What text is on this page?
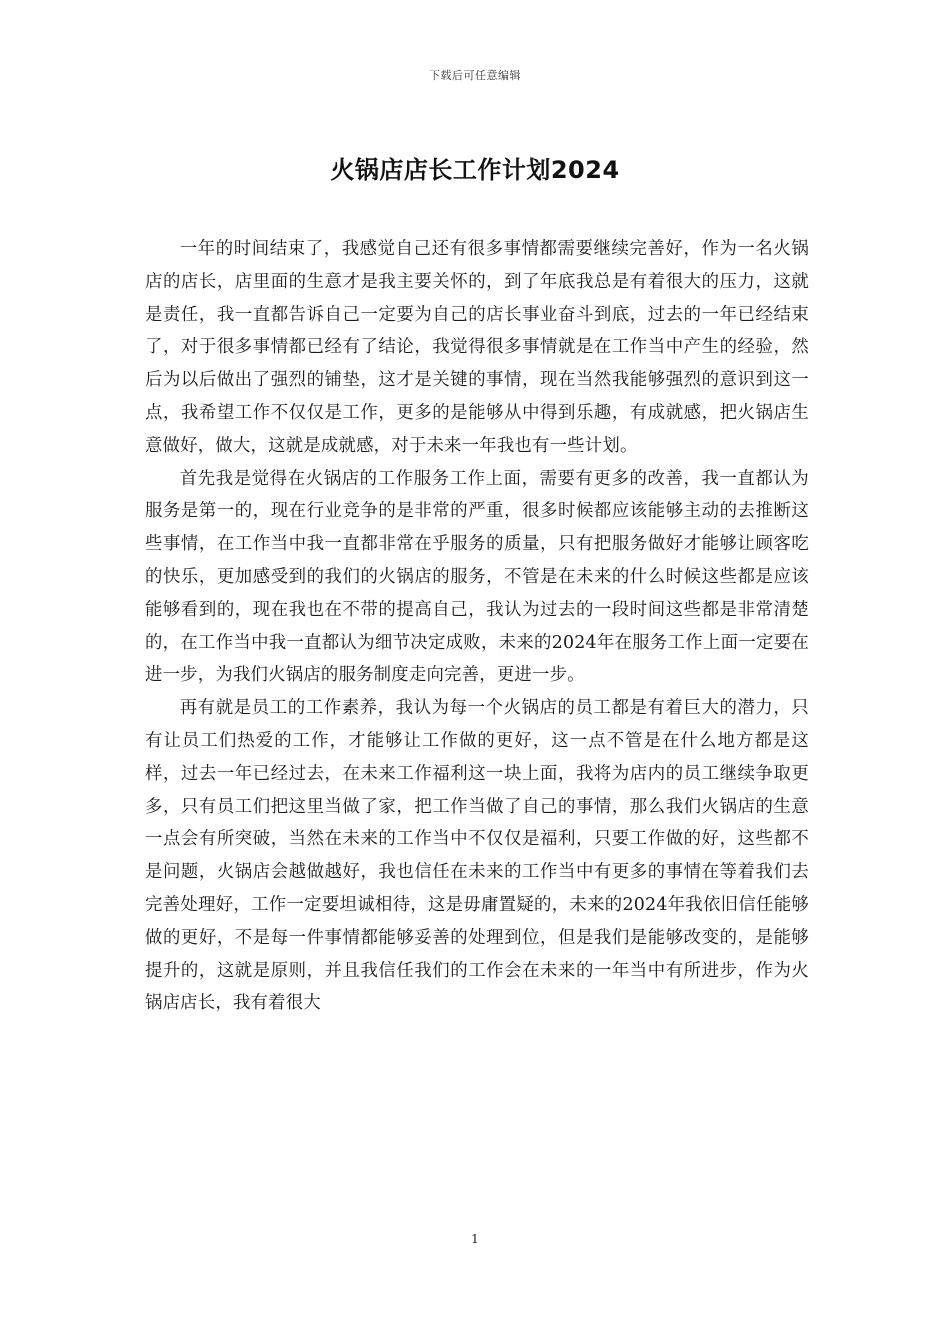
下载后可任意编辑
火锅店店长工作计划2024

一年的时间结束了，我感觉自己还有很多事情都需要继续完善好，作为一名火锅店的店长，店里面的生意才是我主要关怀的，到了年底我总是有着很大的压力，这就是责任，我一直都告诉自己一定要为自己的店长事业奋斗到底，过去的一年已经结束了，对于很多事情都已经有了结论，我觉得很多事情就是在工作当中产生的经验，然后为以后做出了强烈的铺垫，这才是关键的事情，现在当然我能够强烈的意识到这一点，我希望工作不仅仅是工作，更多的是能够从中得到乐趣，有成就感，把火锅店生意做好，做大，这就是成就感，对于未来一年我也有一些计划。

首先我是觉得在火锅店的工作服务工作上面，需要有更多的改善，我一直都认为服务是第一的，现在行业竞争的是非常的严重，很多时候都应该能够主动的去推断这些事情，在工作当中我一直都非常在乎服务的质量，只有把服务做好才能够让顾客吃的快乐，更加感受到的我们的火锅店的服务，不管是在未来的什么时候这些都是应该能够看到的，现在我也在不带的提高自己，我认为过去的一段时间这些都是非常清楚的，在工作当中我一直都认为细节决定成败，未来的2024年在服务工作上面一定要在进一步，为我们火锅店的服务制度走向完善，更进一步。

再有就是员工的工作素养，我认为每一个火锅店的员工都是有着巨大的潜力，只有让员工们热爱的工作，才能够让工作做的更好，这一点不管是在什么地方都是这样，过去一年已经过去，在未来工作福利这一块上面，我将为店内的员工继续争取更多，只有员工们把这里当做了家，把工作当做了自己的事情，那么我们火锅店的生意一点会有所突破，当然在未来的工作当中不仅仅是福利，只要工作做的好，这些都不是问题，火锅店会越做越好，我也信任在未来的工作当中有更多的事情在等着我们去完善处理好，工作一定要坦诚相待，这是毋庸置疑的，未来的2024年我依旧信任能够做的更好，不是每一件事情都能够妥善的处理到位，但是我们是能够改变的，是能够提升的，这就是原则，并且我信任我们的工作会在未来的一年当中有所进步，作为火锅店店长，我有着很大

1
